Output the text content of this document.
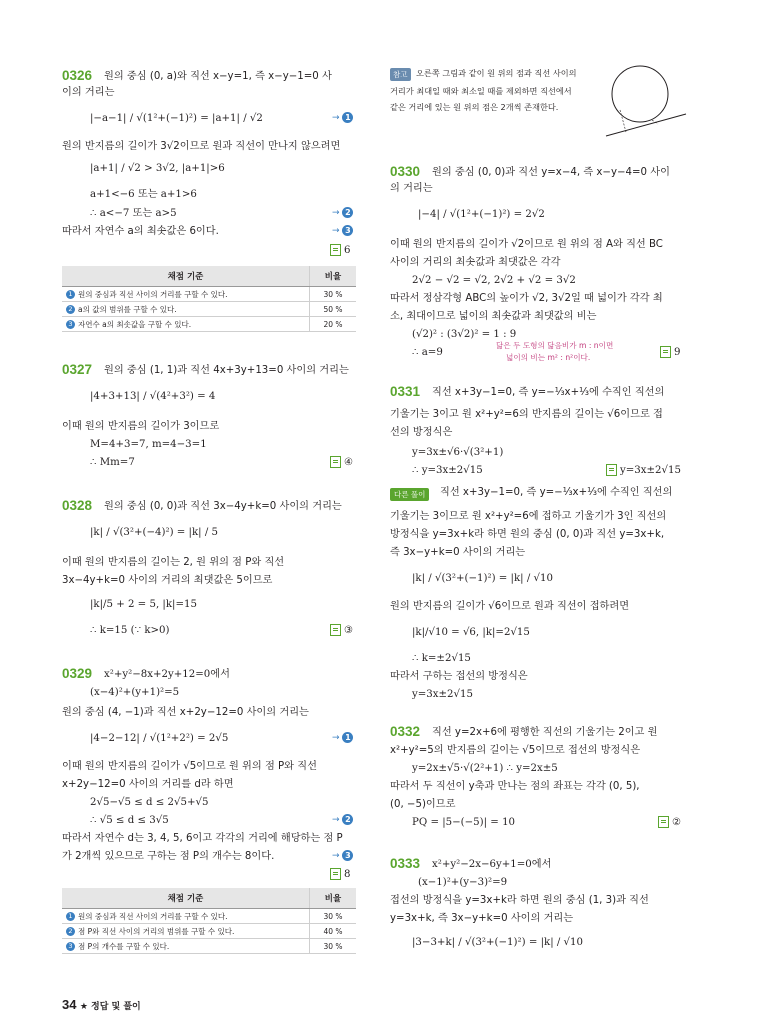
0326 원의 중심 (0, a)와 직선 x−y=1, 즉 x−y−1=0 사
이의 거리는
|−a−1| / √(1²+(−1)²) = |a+1| / √2	→ 1
원의 반지름의 길이가 3√2이므로 원과 직선이 만나지 않으려면
|a+1| / √2 > 3√2, |a+1|>6
a+1<−6 또는 a+1>6
∴ a<−7 또는 a>5	→ 2
따라서 자연수 a의 최솟값은 6이다.	→ 3
6
채점 기준	비율
1 원의 중심과 직선 사이의 거리를 구할 수 있다.	30 %
2 a의 값의 범위를 구할 수 있다.	50 %
3 자연수 a의 최솟값을 구할 수 있다.	20 %
0327 원의 중심 (1, 1)과 직선 4x+3y+13=0 사이의 거리는
|4+3+13| / √(4²+3²) = 4
이때 원의 반지름의 길이가 3이므로
M=4+3=7, m=4−3=1
∴ Mm=7	④
0328 원의 중심 (0, 0)과 직선 3x−4y+k=0 사이의 거리는
|k| / √(3²+(−4)²) = |k| / 5
이때 원의 반지름의 길이는 2, 원 위의 점 P와 직선
3x−4y+k=0 사이의 거리의 최댓값은 5이므로
|k|/5 + 2 = 5, |k|=15
∴ k=15 (∵ k>0)	③
0329 x²+y²−8x+2y+12=0에서
(x−4)²+(y+1)²=5
원의 중심 (4, −1)과 직선 x+2y−12=0 사이의 거리는
|4−2−12| / √(1²+2²) = 2√5	→ 1
이때 원의 반지름의 길이가 √5이므로 원 위의 점 P와 직선
x+2y−12=0 사이의 거리를 d라 하면
2√5−√5 ≤ d ≤ 2√5+√5
∴ √5 ≤ d ≤ 3√5	→ 2
따라서 자연수 d는 3, 4, 5, 6이고 각각의 거리에 해당하는 점 P
가 2개씩 있으므로 구하는 점 P의 개수는 8이다.	→ 3
8
채점 기준	비율
1 원의 중심과 직선 사이의 거리를 구할 수 있다.	30 %
2 점 P와 직선 사이의 거리의 범위를 구할 수 있다.	40 %
3 점 P의 개수를 구할 수 있다.	30 %
참고	오른쪽 그림과 같이 원 위의 점과 직선 사이의
거리가 최대일 때와 최소일 때를 제외하면 직선에서
같은 거리에 있는 원 위의 점은 2개씩 존재한다.
0330 원의 중심 (0, 0)과 직선 y=x−4, 즉 x−y−4=0 사이
의 거리는
|−4| / √(1²+(−1)²) = 2√2
이때 원의 반지름의 길이가 √2이므로 원 위의 점 A와 직선 BC
사이의 거리의 최솟값과 최댓값은 각각
2√2 − √2 = √2, 2√2 + √2 = 3√2
따라서 정삼각형 ABC의 높이가 √2, 3√2일 때 넓이가 각각 최
소, 최대이므로 넓이의 최솟값과 최댓값의 비는
(√2)² : (3√2)² = 1 : 9
∴ a=9
닮은 두 도형의 닮음비가 m : n이면
넓이의 비는 m² : n²이다.	9
0331 직선 x+3y−1=0, 즉 y=−⅓x+⅓에 수직인 직선의
기울기는 3이고 원 x²+y²=6의 반지름의 길이는 √6이므로 접
선의 방정식은
y=3x±√6·√(3²+1)
∴ y=3x±2√15	y=3x±2√15
다른 풀이	직선 x+3y−1=0, 즉 y=−⅓x+⅓에 수직인 직선의
기울기는 3이므로 원 x²+y²=6에 접하고 기울기가 3인 직선의
방정식을 y=3x+k라 하면 원의 중심 (0, 0)과 직선 y=3x+k,
즉 3x−y+k=0 사이의 거리는
|k| / √(3²+(−1)²) = |k| / √10
원의 반지름의 길이가 √6이므로 원과 직선이 접하려면
|k|/√10 = √6, |k|=2√15
∴ k=±2√15
따라서 구하는 접선의 방정식은
y=3x±2√15
0332 직선 y=2x+6에 평행한 직선의 기울기는 2이고 원
x²+y²=5의 반지름의 길이는 √5이므로 접선의 방정식은
y=2x±√5·√(2²+1) ∴ y=2x±5
따라서 두 직선이 y축과 만나는 점의 좌표는 각각 (0, 5),
(0, −5)이므로
PQ = |5−(−5)| = 10	②
0333 x²+y²−2x−6y+1=0에서
(x−1)²+(y−3)²=9
접선의 방정식을 y=3x+k라 하면 원의 중심 (1, 3)과 직선
y=3x+k, 즉 3x−y+k=0 사이의 거리는
|3−3+k| / √(3²+(−1)²) = |k| / √10
34 ★ 정답 및 풀이
